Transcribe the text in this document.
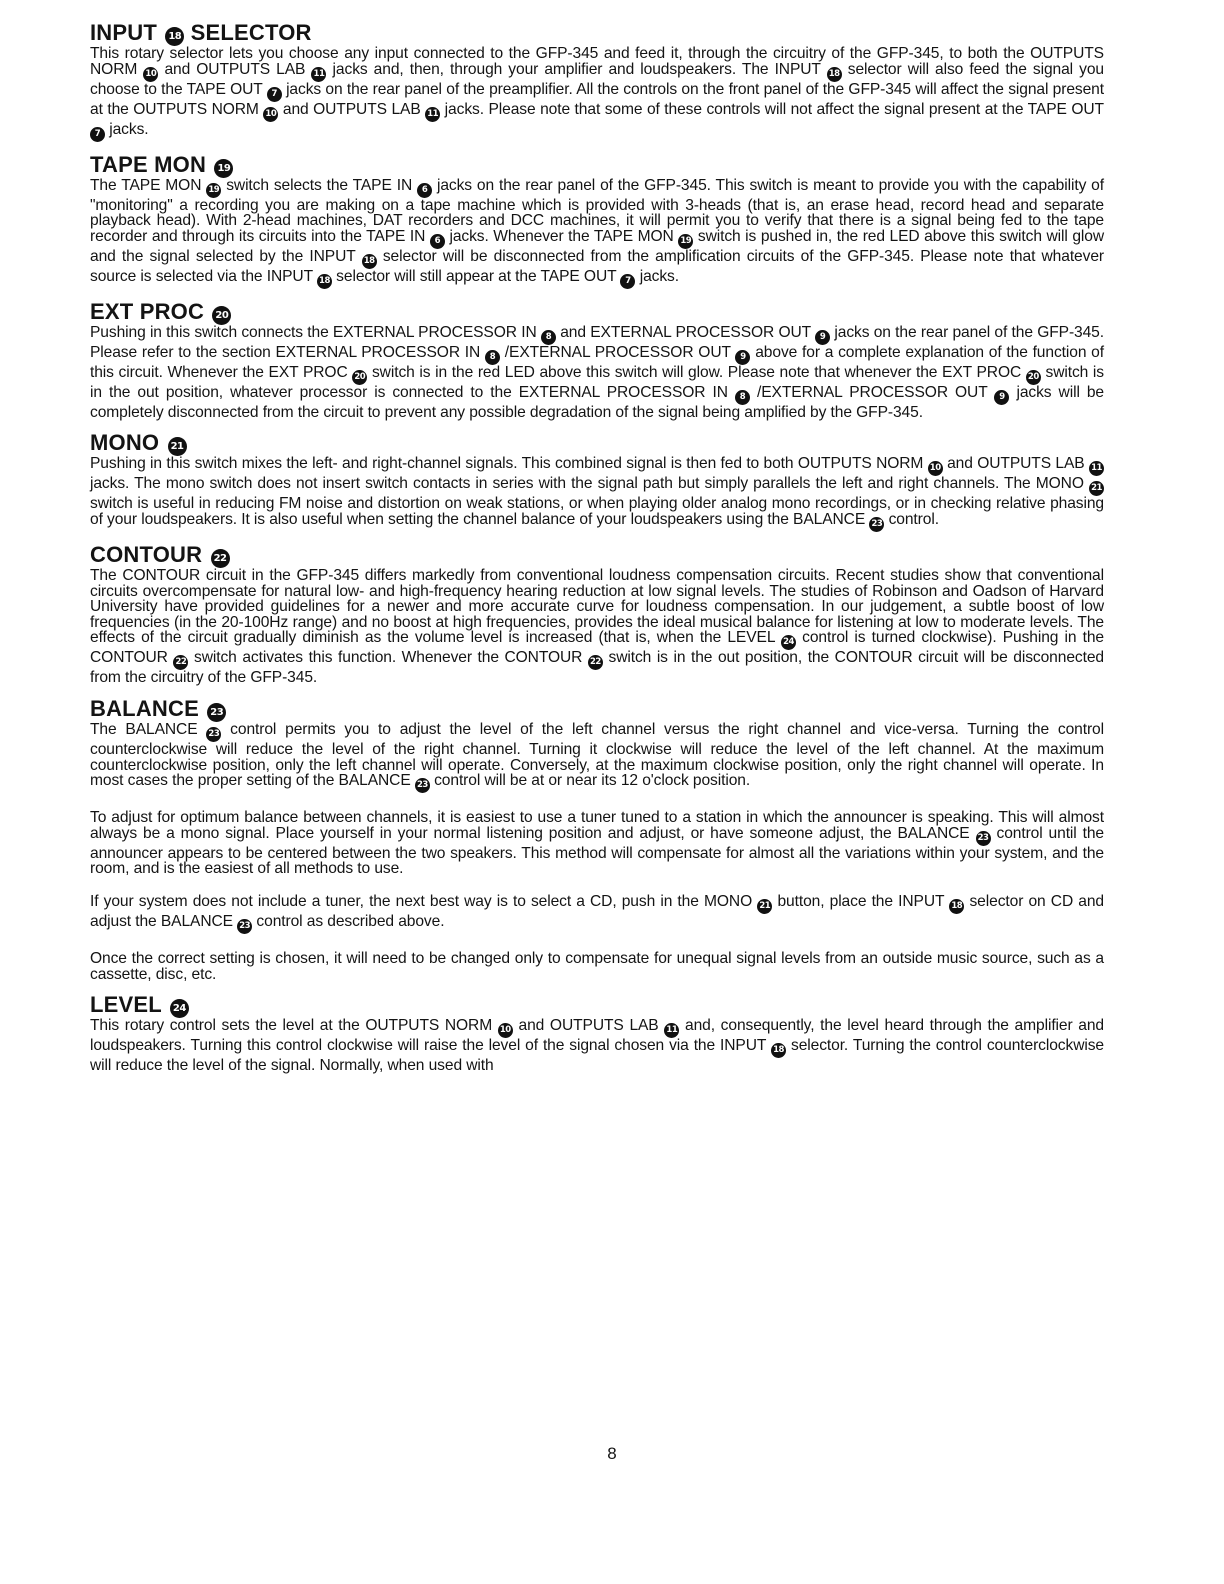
INPUT 18 SELECTOR

This rotary selector lets you choose any input connected to the GFP-345 and feed it, through the circuitry of the GFP-345, to both the OUTPUTS NORM 10 and OUTPUTS LAB 11 jacks and, then, through your amplifier and loudspeakers. The INPUT 18 selector will also feed the signal you choose to the TAPE OUT 7 jacks on the rear panel of the preamplifier. All the controls on the front panel of the GFP-345 will affect the signal present at the OUTPUTS NORM 10 and OUTPUTS LAB 11 jacks. Please note that some of these controls will not affect the signal present at the TAPE OUT 7 jacks.

TAPE MON 19

The TAPE MON 19 switch selects the TAPE IN 6 jacks on the rear panel of the GFP-345. This switch is meant to provide you with the capability of "monitoring" a recording you are making on a tape machine which is provided with 3-heads (that is, an erase head, record head and separate playback head). With 2-head machines, DAT recorders and DCC machines, it will permit you to verify that there is a signal being fed to the tape recorder and through its circuits into the TAPE IN 6 jacks. Whenever the TAPE MON 19 switch is pushed in, the red LED above this switch will glow and the signal selected by the INPUT 18 selector will be disconnected from the amplification circuits of the GFP-345. Please note that whatever source is selected via the INPUT 18 selector will still appear at the TAPE OUT 7 jacks.

EXT PROC 20

Pushing in this switch connects the EXTERNAL PROCESSOR IN 8 and EXTERNAL PROCESSOR OUT 9 jacks on the rear panel of the GFP-345. Please refer to the section EXTERNAL PROCESSOR IN 8 /EXTERNAL PROCESSOR OUT 9 above for a complete explanation of the function of this circuit. Whenever the EXT PROC 20 switch is in the red LED above this switch will glow. Please note that whenever the EXT PROC 20 switch is in the out position, whatever processor is connected to the EXTERNAL PROCESSOR IN 8 /EXTERNAL PROCESSOR OUT 9 jacks will be completely disconnected from the circuit to prevent any possible degradation of the signal being amplified by the GFP-345.

MONO 21

Pushing in this switch mixes the left- and right-channel signals. This combined signal is then fed to both OUTPUTS NORM 10 and OUTPUTS LAB 11 jacks. The mono switch does not insert switch contacts in series with the signal path but simply parallels the left and right channels. The MONO 21 switch is useful in reducing FM noise and distortion on weak stations, or when playing older analog mono recordings, or in checking relative phasing of your loudspeakers. It is also useful when setting the channel balance of your loudspeakers using the BALANCE 23 control.

CONTOUR 22

The CONTOUR circuit in the GFP-345 differs markedly from conventional loudness compensation circuits. Recent studies show that conventional circuits overcompensate for natural low- and high-frequency hearing reduction at low signal levels. The studies of Robinson and Oadson of Harvard University have provided guidelines for a newer and more accurate curve for loudness compensation. In our judgement, a subtle boost of low frequencies (in the 20-100Hz range) and no boost at high frequencies, provides the ideal musical balance for listening at low to moderate levels. The effects of the circuit gradually diminish as the volume level is increased (that is, when the LEVEL 24 control is turned clockwise). Pushing in the CONTOUR 22 switch activates this function. Whenever the CONTOUR 22 switch is in the out position, the CONTOUR circuit will be disconnected from the circuitry of the GFP-345.

BALANCE 23

The BALANCE 23 control permits you to adjust the level of the left channel versus the right channel and vice-versa. Turning the control counterclockwise will reduce the level of the right channel. Turning it clockwise will reduce the level of the left channel. At the maximum counterclockwise position, only the left channel will operate. Conversely, at the maximum clockwise position, only the right channel will operate. In most cases the proper setting of the BALANCE 23 control will be at or near its 12 o'clock position.

To adjust for optimum balance between channels, it is easiest to use a tuner tuned to a station in which the announcer is speaking. This will almost always be a mono signal. Place yourself in your normal listening position and adjust, or have someone adjust, the BALANCE 23 control until the announcer appears to be centered between the two speakers. This method will compensate for almost all the variations within your system, and the room, and is the easiest of all methods to use.

If your system does not include a tuner, the next best way is to select a CD, push in the MONO 21 button, place the INPUT 18 selector on CD and adjust the BALANCE 23 control as described above.

Once the correct setting is chosen, it will need to be changed only to compensate for unequal signal levels from an outside music source, such as a cassette, disc, etc.

LEVEL 24

This rotary control sets the level at the OUTPUTS NORM 10 and OUTPUTS LAB 11 and, consequently, the level heard through the amplifier and loudspeakers. Turning this control clockwise will raise the level of the signal chosen via the INPUT 18 selector. Turning the control counterclockwise will reduce the level of the signal. Normally, when used with

8
